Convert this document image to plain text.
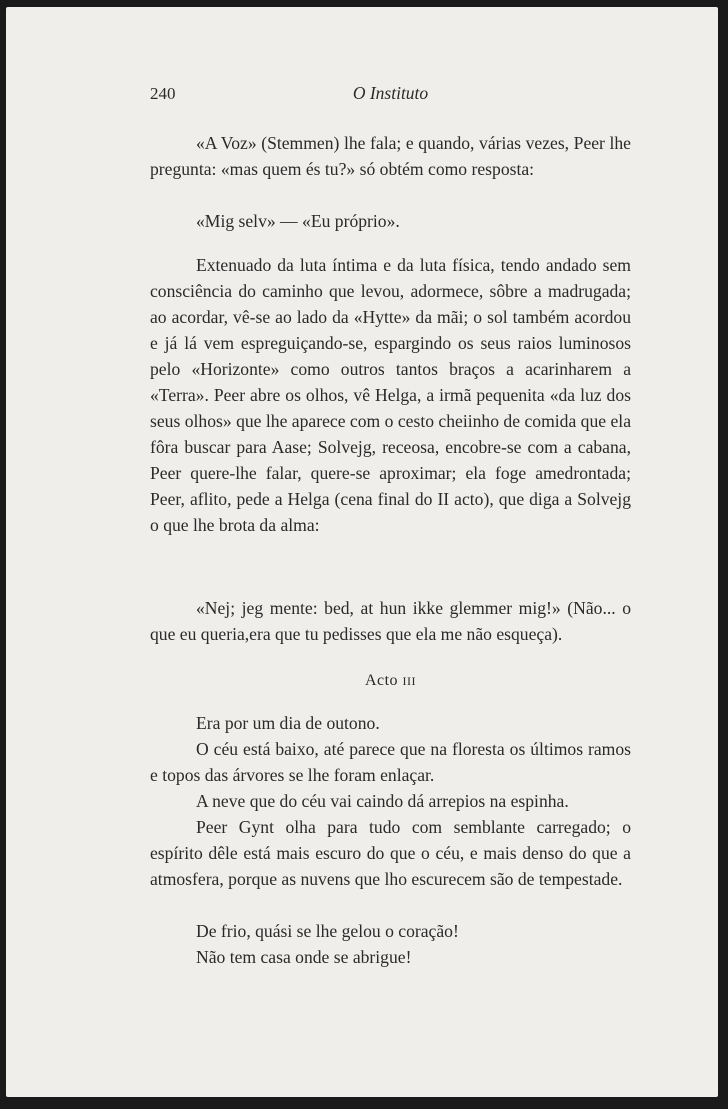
240	O Instituto

«A Voz» (Stemmen) lhe fala; e quando, várias vezes, Peer lhe pregunta: «mas quem és tu?» só obtém como resposta:

«Mig selv» — «Eu próprio».

Extenuado da luta íntima e da luta física, tendo andado sem consciência do caminho que levou, adormece, sôbre a madrugada; ao acordar, vê-se ao lado da «Hytte» da mãi; o sol também acordou e já lá vem espreguiçando-se, espargindo os seus raios luminosos pelo «Horizonte» como outros tantos braços a acarinharem a «Terra». Peer abre os olhos, vê Helga, a irmã pequenita «da luz dos seus olhos» que lhe aparece com o cesto cheiinho de comida que ela fôra buscar para Aase; Solvejg, receosa, encobre-se com a cabana, Peer quere-lhe falar, quere-se aproximar; ela foge amedrontada; Peer, aflito, pede a Helga (cena final do II acto), que diga a Solvejg o que lhe brota da alma:

«Nej; jeg mente: bed, at hun ikke glemmer mig!» (Não... o que eu queria,era que tu pedisses que ela me não esqueça).

Acto III

Era por um dia de outono.

O céu está baixo, até parece que na floresta os últimos ramos e topos das árvores se lhe foram enlaçar.

A neve que do céu vai caindo dá arrepios na espinha.

Peer Gynt olha para tudo com semblante carregado; o espírito dêle está mais escuro do que o céu, e mais denso do que a atmosfera, porque as nuvens que lho escurecem são de tempestade.

De frio, quási se lhe gelou o coração!

Não tem casa onde se abrigue!
